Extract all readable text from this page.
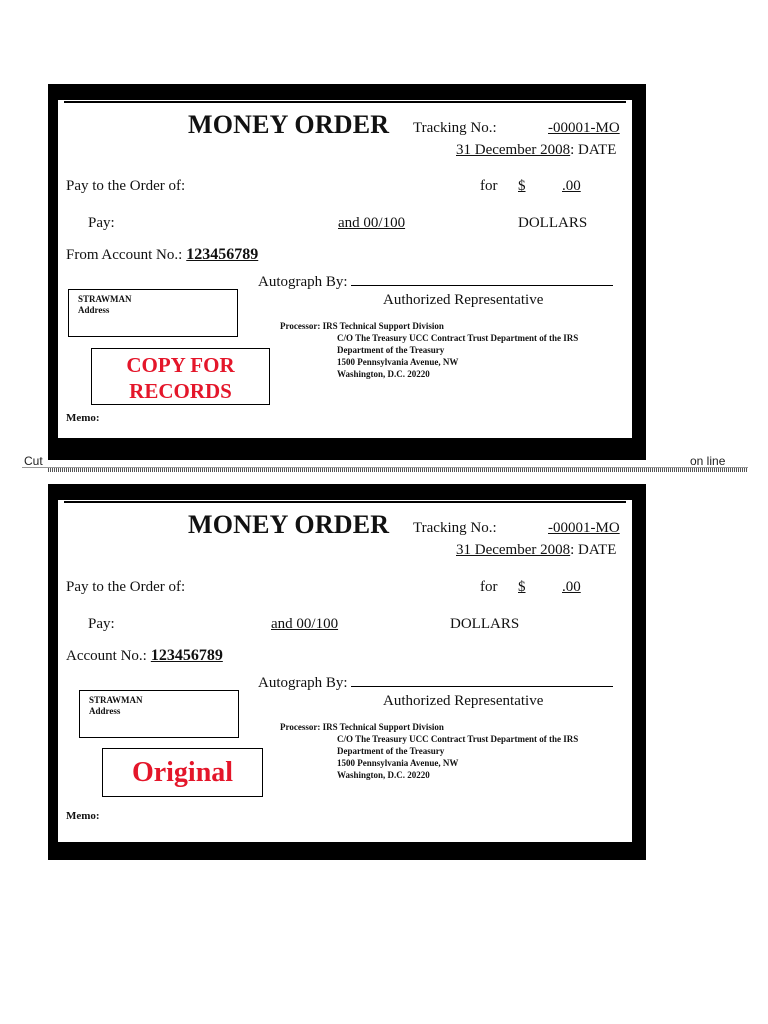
MONEY ORDER Tracking No.:	-00001-MO
31 December 2008: DATE
Pay to the Order of:	for $ .00
Pay:	and 00/100	DOLLARS
From Account No.: 123456789
Autograph By:
Authorized Representative
STRAWMAN
Address
Processor: IRS Technical Support Division
C/O The Treasury UCC Contract Trust Department of the IRS
Department of the Treasury
1500 Pennsylvania Avenue, NW
Washington, D.C. 20220
COPY FOR
RECORDS
Memo:
Cut	on line
MONEY ORDER Tracking No.:	-00001-MO
31 December 2008: DATE
Pay to the Order of:	for $ .00
Pay:	and 00/100	DOLLARS
Account No.: 123456789
Autograph By:
Authorized Representative
STRAWMAN
Address
Processor: IRS Technical Support Division
C/O The Treasury UCC Contract Trust Department of the IRS
Department of the Treasury
1500 Pennsylvania Avenue, NW
Washington, D.C. 20220
Original
Memo:
